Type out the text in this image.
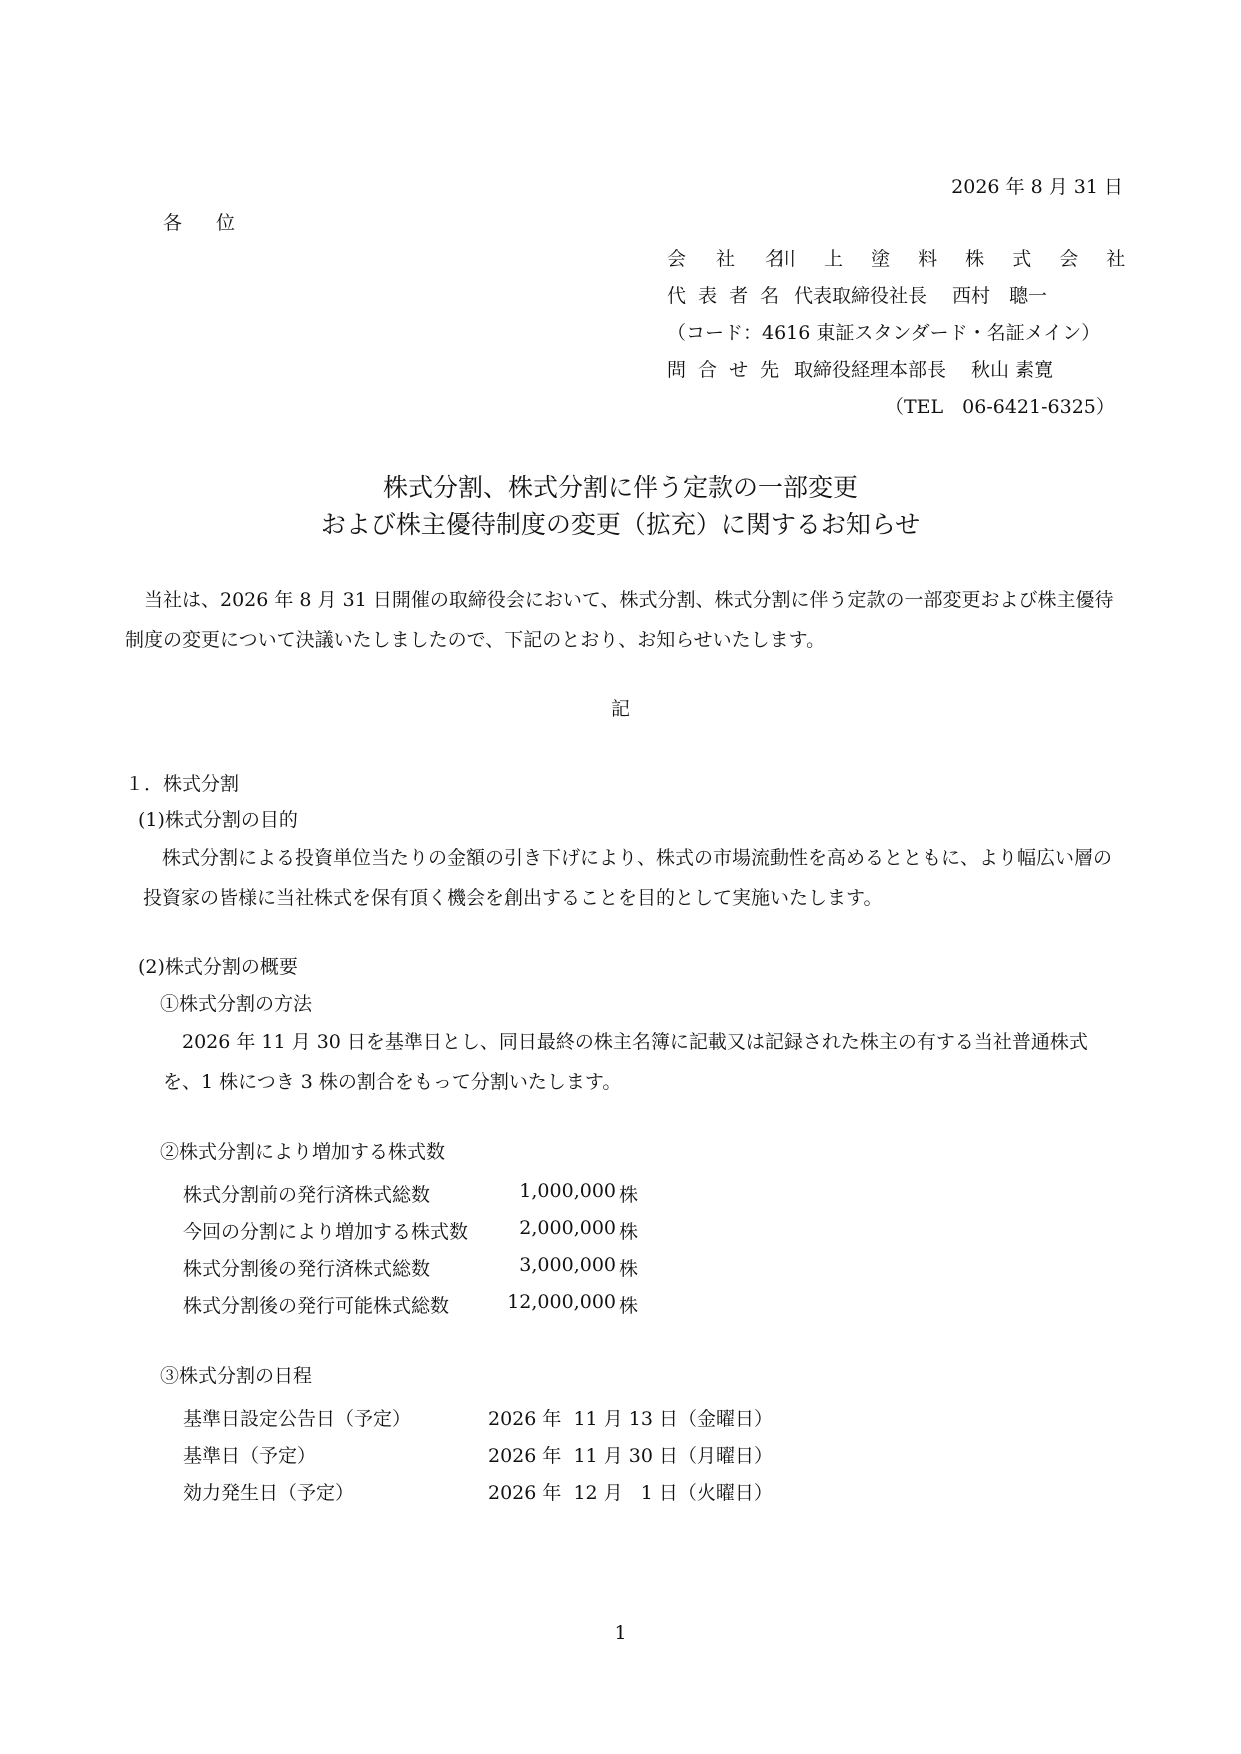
2026 年 8 月 31 日
各 位
会 社 名
川 上 塗 料 株 式 会 社
代 表 者 名 代表取締役社長　 西村　聰一
（コード：4616 東証スタンダード・名証メイン）
問 合 せ 先 取締役経理本部長　 秋山 素寛
（TEL　06-6421-6325）
株式分割、株式分割に伴う定款の一部変更
および株主優待制度の変更（拡充）に関するお知らせ
当社は、2026 年 8 月 31 日開催の取締役会において、株式分割、株式分割に伴う定款の一部変更および株主優待制度の変更について決議いたしましたので、下記のとおり、お知らせいたします。
記
１．株式分割
(1)株式分割の目的
株式分割による投資単位当たりの金額の引き下げにより、株式の市場流動性を高めるとともに、より幅広い層の投資家の皆様に当社株式を保有頂く機会を創出することを目的として実施いたします。
(2)株式分割の概要
①株式分割の方法
2026 年 11 月 30 日を基準日とし、同日最終の株主名簿に記載又は記録された株主の有する当社普通株式を、1 株につき 3 株の割合をもって分割いたします。
②株式分割により増加する株式数
株式分割前の発行済株式総数	1,000,000 株
今回の分割により増加する株式数	2,000,000 株
株式分割後の発行済株式総数	3,000,000 株
株式分割後の発行可能株式総数	12,000,000 株
③株式分割の日程
基準日設定公告日（予定）	2026 年  11 月 13 日（金曜日）
基準日（予定）	2026 年  11 月 30 日（月曜日）
効力発生日（予定）	2026 年  12 月   1 日（火曜日）
1
